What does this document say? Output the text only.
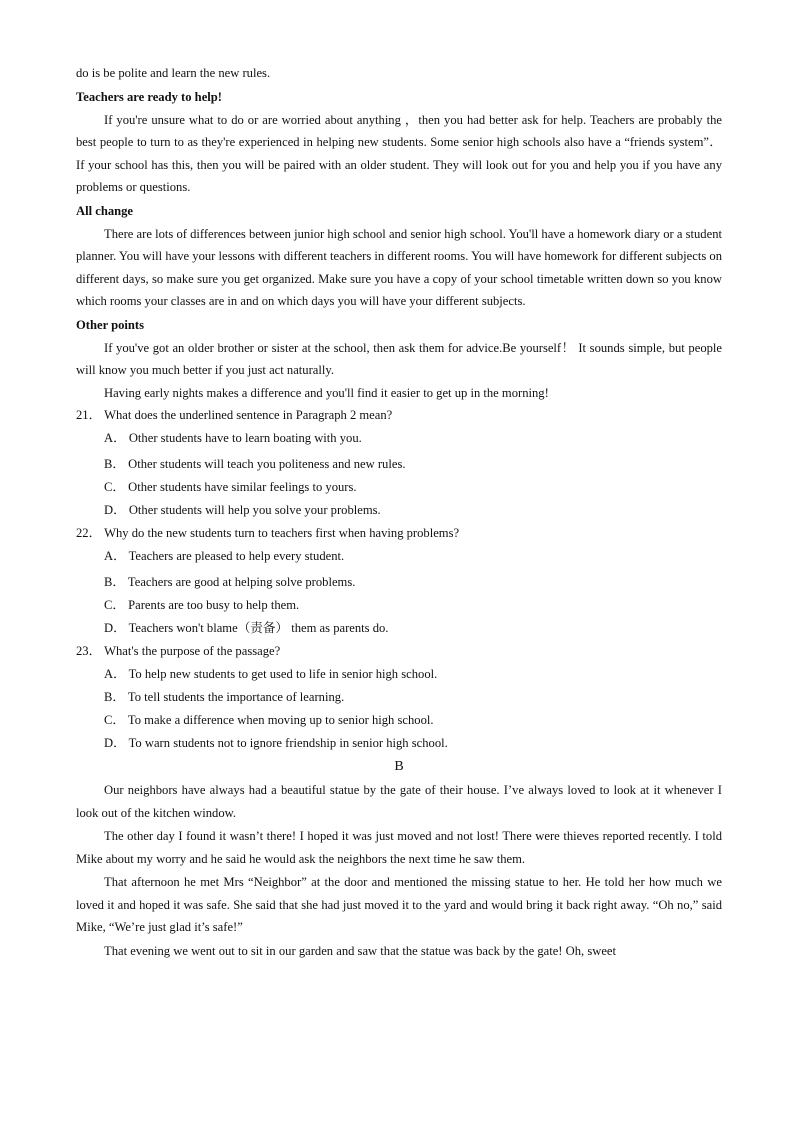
do is be polite and learn the new rules.

Teachers are ready to help!

If you're unsure what to do or are worried about anything ，then you had better ask for help. Teachers are probably the best people to turn to as they're experienced in helping new students. Some senior high schools also have a “friends system”． If your school has this, then you will be paired with an older student. They will look out for you and help you if you have any problems or questions.

All change

There are lots of differences between junior high school and senior high school. You'll have a homework diary or a student planner. You will have your lessons with different teachers in different rooms. You will have homework for different subjects on different days, so make sure you get organized. Make sure you have a copy of your school timetable written down so you know which rooms your classes are in and on which days you will have your different subjects.

Other points

If you've got an older brother or sister at the school, then ask them for advice.Be yourself！ It sounds simple, but people will know you much better if you just act naturally.

Having early nights makes a difference and you'll find it easier to get up in the morning!

21． What does the underlined sentence in Paragraph 2 mean?

A． Other students have to learn boating with you.

B． Other students will teach you politeness and new rules.

C． Other students have similar feelings to yours.

D． Other students will help you solve your problems.

22． Why do the new students turn to teachers first when having problems?

A． Teachers are pleased to help every student.

B． Teachers are good at helping solve problems.

C． Parents are too busy to help them.

D． Teachers won't blame（责备） them as parents do.

23． What's the purpose of the passage?

A． To help new students to get used to life in senior high school.

B． To tell students the importance of learning.

C． To make a difference when moving up to senior high school.

D． To warn students not to ignore friendship in senior high school.

B

Our neighbors have always had a beautiful statue by the gate of their house. I’ve always loved to look at it whenever I look out of the kitchen window.

The other day I found it wasn’t there! I hoped it was just moved and not lost! There were thieves reported recently. I told Mike about my worry and he said he would ask the neighbors the next time he saw them.

That afternoon he met Mrs “Neighbor” at the door and mentioned the missing statue to her. He told her how much we loved it and hoped it was safe. She said that she had just moved it to the yard and would bring it back right away. “Oh no,” said Mike, “We’re just glad it’s safe!”

That evening we went out to sit in our garden and saw that the statue was back by the gate! Oh, sweet
